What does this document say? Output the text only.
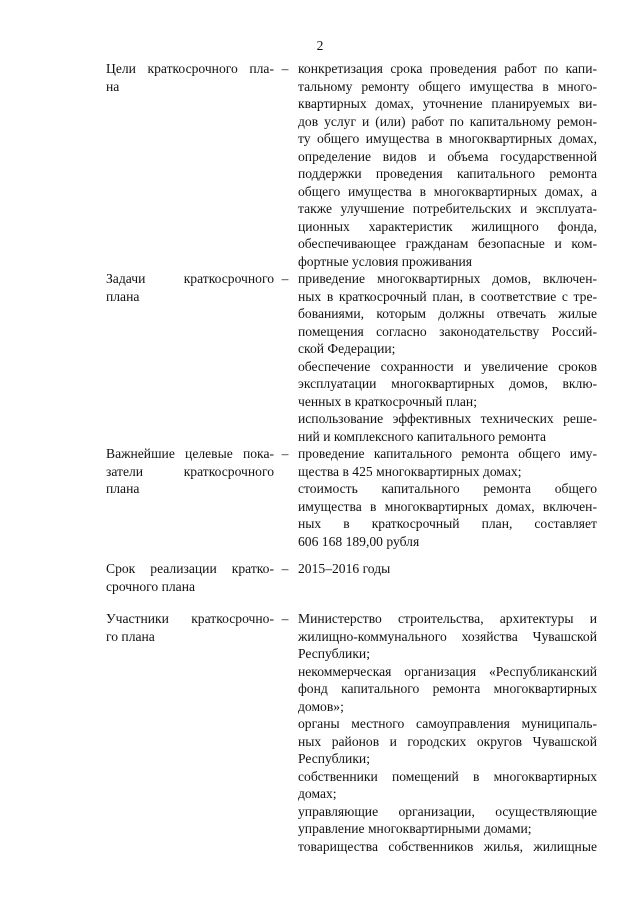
2
Цели краткосрочного пла-
на
– конкретизация срока проведения работ по капи-
тальному ремонту общего имущества в много-
квартирных домах, уточнение планируемых ви-
дов услуг и (или) работ по капитальному ремон-
ту общего имущества в многоквартирных домах,
определение видов и объема государственной
поддержки проведения капитального ремонта
общего имущества в многоквартирных домах, а
также улучшение потребительских и эксплуата-
ционных характеристик жилищного фонда,
обеспечивающее гражданам безопасные и ком-
фортные условия проживания
Задачи краткосрочного
плана
– приведение многоквартирных домов, включен-
ных в краткосрочный план, в соответствие с тре-
бованиями, которым должны отвечать жилые
помещения согласно законодательству Россий-
ской Федерации;
обеспечение сохранности и увеличение сроков
эксплуатации многоквартирных домов, вклю-
ченных в краткосрочный план;
использование эффективных технических реше-
ний и комплексного капитального ремонта
Важнейшие целевые пока-
затели краткосрочного
плана
– проведение капитального ремонта общего иму-
щества в 425 многоквартирных домах;
стоимость капитального ремонта общего
имущества в многоквартирных домах, включен-
ных в краткосрочный план, составляет
606 168 189,00 рубля
Срок реализации кратко-
срочного плана
– 2015–2016 годы
Участники краткосрочно-
го плана
– Министерство строительства, архитектуры и
жилищно-коммунального хозяйства Чувашской
Республики;
некоммерческая организация «Республиканский
фонд капитального ремонта многоквартирных
домов»;
органы местного самоуправления муниципаль-
ных районов и городских округов Чувашской
Республики;
собственники помещений в многоквартирных
домах;
управляющие организации, осуществляющие
управление многоквартирными домами;
товарищества собственников жилья, жилищные
